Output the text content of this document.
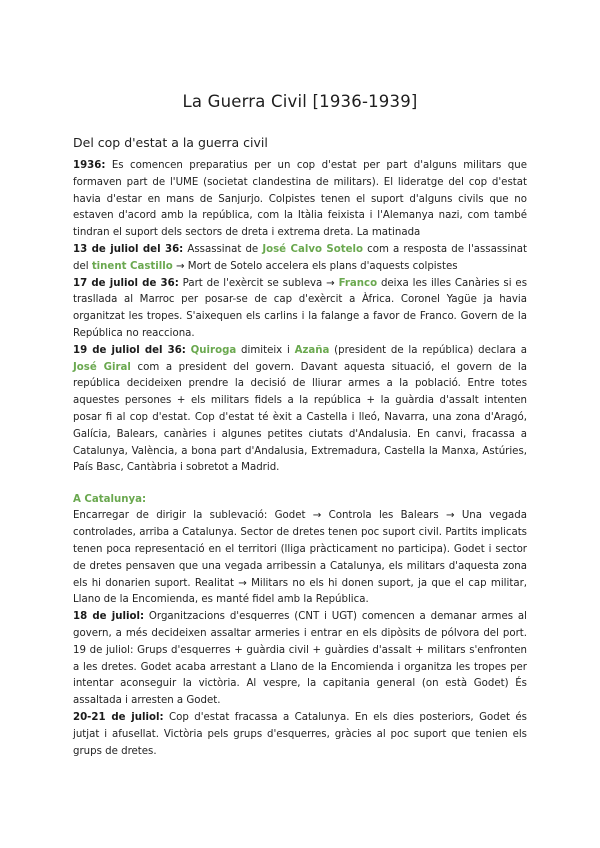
La Guerra Civil [1936-1939]
Del cop d'estat a la guerra civil

1936: Es comencen preparatius per un cop d'estat per part d'alguns militars que formaven part de l'UME (societat clandestina de militars). El lideratge del cop d'estat havia d'estar en mans de Sanjurjo. Colpistes tenen el suport d'alguns civils que no estaven d'acord amb la república, com la Itàlia feixista i l'Alemanya nazi, com també tindran el suport dels sectors de dreta i extrema dreta. La matinada

13 de juliol del 36: Assassinat de José Calvo Sotelo com a resposta de l'assassinat del tinent Castillo → Mort de Sotelo accelera els plans d'aquests colpistes

17 de juliol de 36: Part de l'exèrcit se subleva → Franco deixa les illes Canàries si es trasllada al Marroc per posar-se de cap d'exèrcit a Àfrica. Coronel Yagüe ja havia organitzat les tropes. S'aixequen els carlins i la falange a favor de Franco. Govern de la República no reacciona.

19 de juliol del 36: Quiroga dimiteix i Azaña (president de la república) declara a José Giral com a president del govern. Davant aquesta situació, el govern de la república decideixen prendre la decisió de lliurar armes a la població. Entre totes aquestes persones + els militars fidels a la república + la guàrdia d'assalt intenten posar fi al cop d'estat. Cop d'estat té èxit a Castella i lleó, Navarra, una zona d'Aragó, Galícia, Balears, canàries i algunes petites ciutats d'Andalusia. En canvi, fracassa a Catalunya, València, a bona part d'Andalusia, Extremadura, Castella la Manxa, Astúries, País Basc, Cantàbria i sobretot a Madrid.

A Catalunya:

Encarregar de dirigir la sublevació: Godet → Controla les Balears → Una vegada controlades, arriba a Catalunya. Sector de dretes tenen poc suport civil. Partits implicats tenen poca representació en el territori (lliga pràcticament no participa). Godet i sector de dretes pensaven que una vegada arribessin a Catalunya, els militars d'aquesta zona els hi donarien suport. Realitat → Militars no els hi donen suport, ja que el cap militar, Llano de la Encomienda, es manté fidel amb la República.

18 de juliol: Organitzacions d'esquerres (CNT i UGT) comencen a demanar armes al govern, a més decideixen assaltar armeries i entrar en els dipòsits de pólvora del port. 19 de juliol: Grups d'esquerres + guàrdia civil + guàrdies d'assalt + militars s'enfronten a les dretes. Godet acaba arrestant a Llano de la Encomienda i organitza les tropes per intentar aconseguir la victòria. Al vespre, la capitania general (on està Godet) És assaltada i arresten a Godet.

20-21 de juliol: Cop d'estat fracassa a Catalunya. En els dies posteriors, Godet és jutjat i afusellat. Victòria pels grups d'esquerres, gràcies al poc suport que tenien els grups de dretes.
